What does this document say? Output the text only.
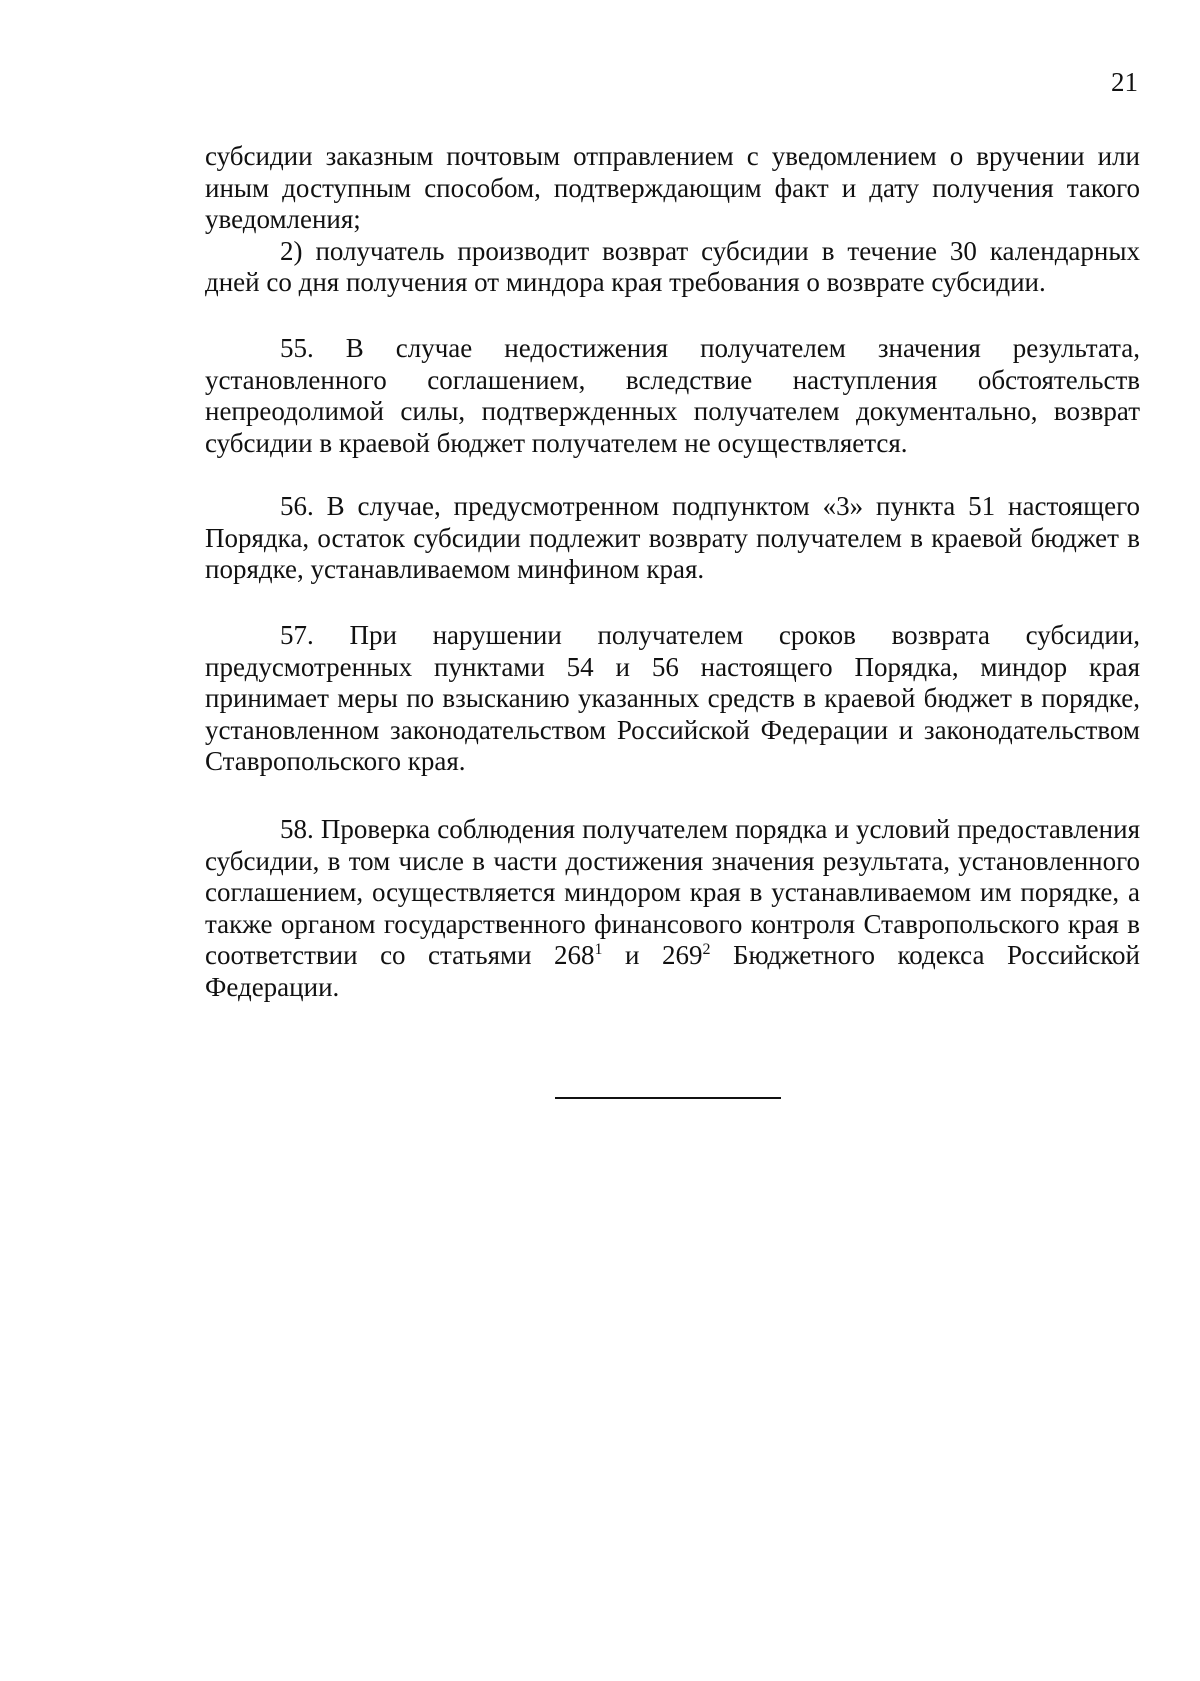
21

субсидии заказным почтовым отправлением с уведомлением о вручении или иным доступным способом, подтверждающим факт и дату получения такого уведомления;

2) получатель производит возврат субсидии в течение 30 календарных дней со дня получения от миндора края требования о возврате субсидии.

55. В случае недостижения получателем значения результата, установленного соглашением, вследствие наступления обстоятельств непреодолимой силы, подтвержденных получателем документально, возврат субсидии в краевой бюджет получателем не осуществляется.

56. В случае, предусмотренном подпунктом «3» пункта 51 настоящего Порядка, остаток субсидии подлежит возврату получателем в краевой бюджет в порядке, устанавливаемом минфином края.

57. При нарушении получателем сроков возврата субсидии, предусмотренных пунктами 54 и 56 настоящего Порядка, миндор края принимает меры по взысканию указанных средств в краевой бюджет в порядке, установленном законодательством Российской Федерации и законодательством Ставропольского края.

58. Проверка соблюдения получателем порядка и условий предоставления субсидии, в том числе в части достижения значения результата, установленного соглашением, осуществляется миндором края в устанавливаемом им порядке, а также органом государственного финансового контроля Ставропольского края в соответствии со статьями $268^1$ и $269^2$ Бюджетного кодекса Российской Федерации.
